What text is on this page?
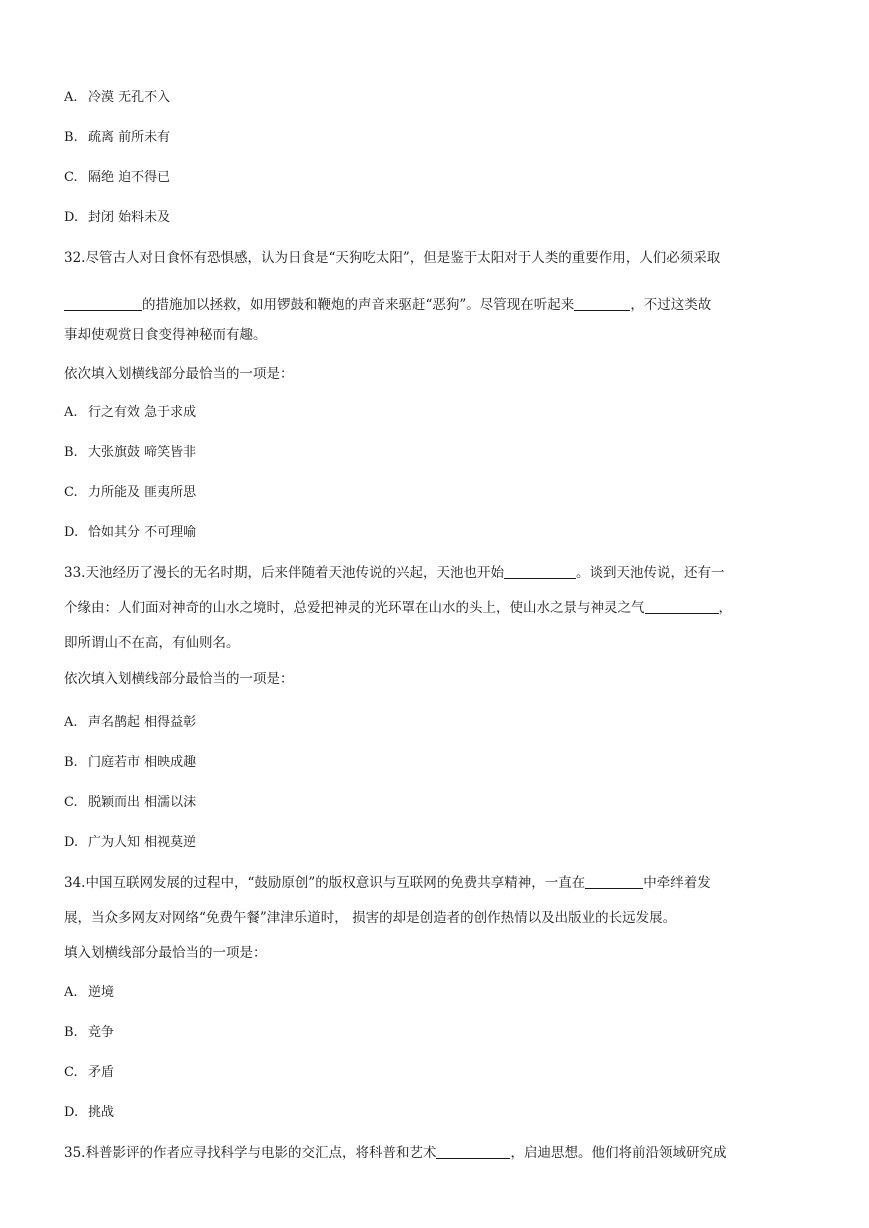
A. 冷漠 无孔不入
B. 疏离 前所未有
C. 隔绝 迫不得已
D. 封闭 始料未及
32.尽管古人对日食怀有恐惧感，认为日食是“天狗吃太阳”，但是鉴于太阳对于人类的重要作用，人们必须采取
的措施加以拯救，如用锣鼓和鞭炮的声音来驱赶“恶狗”。尽管现在听起来	，不过这类故
事却使观赏日食变得神秘而有趣。
依次填入划横线部分最恰当的一项是：
A. 行之有效 急于求成
B. 大张旗鼓 啼笑皆非
C. 力所能及 匪夷所思
D. 恰如其分 不可理喻
33.天池经历了漫长的无名时期，后来伴随着天池传说的兴起，天池也开始	。谈到天池传说，还有一
个缘由：人们面对神奇的山水之境时，总爱把神灵的光环罩在山水的头上，使山水之景与神灵之气	，
即所谓山不在高，有仙则名。
依次填入划横线部分最恰当的一项是：
A. 声名鹊起 相得益彰
B. 门庭若市 相映成趣
C. 脱颖而出 相濡以沫
D. 广为人知 相视莫逆
34.中国互联网发展的过程中，“鼓励原创”的版权意识与互联网的免费共享精神，一直在	中牵绊着发
展，当众多网友对网络“免费午餐”津津乐道时， 损害的却是创造者的创作热情以及出版业的长远发展。
填入划横线部分最恰当的一项是：
A. 逆境
B. 竞争
C. 矛盾
D. 挑战
35.科普影评的作者应寻找科学与电影的交汇点，将科普和艺术	，启迪思想。他们将前沿领域研究成
